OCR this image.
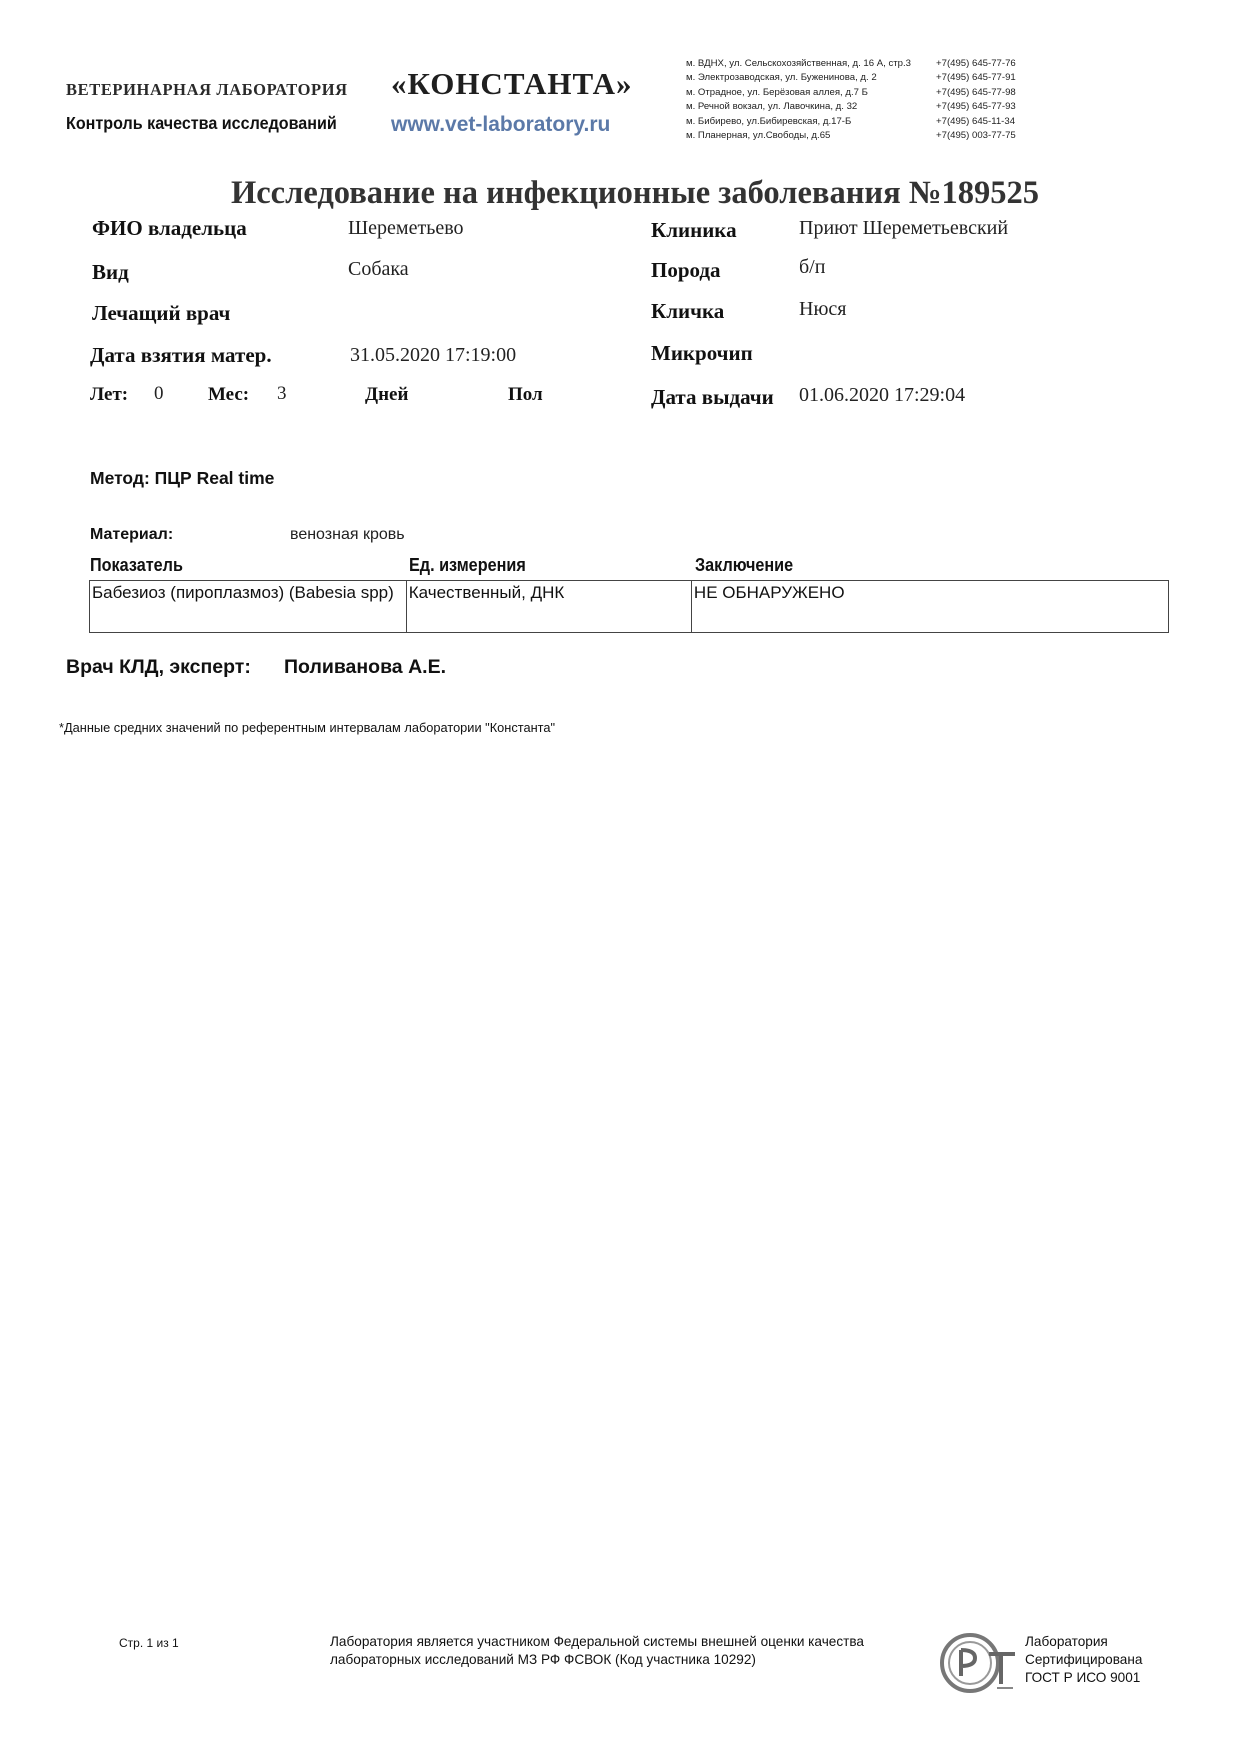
ВЕТЕРИНАРНАЯ ЛАБОРАТОРИЯ «КОНСТАНТА»
Контроль качества исследований	www.vet-laboratory.ru
м. ВДНХ, ул. Сельскохозяйственная, д. 16 А, стр.3	+7(495) 645-77-76
м. Электрозаводская, ул. Буженинова, д. 2	+7(495) 645-77-91
м. Отрадное, ул. Берёзовая аллея, д.7 Б	+7(495) 645-77-98
м. Речной вокзал, ул. Лавочкина, д. 32	+7(495) 645-77-93
м. Бибирево, ул.Бибиревская, д.17-Б	+7(495) 645-11-34
м. Планерная, ул.Свободы, д.65	+7(495) 003-77-75
Исследование на инфекционные заболевания №189525
ФИО владельца	Шереметьево
Вид	Собака
Лечащий врач
Дата взятия матер.	31.05.2020 17:19:00
Лет: 0 Мес: 3	Дней	Пол
Клиника	Приют Шереметьевский
Порода	б/п
Кличка	Нюся
Микрочип
Дата выдачи 01.06.2020 17:29:04
Метод: ПЦР Real time
Материал:	венозная кровь
Показатель	Ед. измерения	Заключение
Бабезиоз (пироплазмоз) (Babesia spp)	Качественный, ДНК	НЕ ОБНАРУЖЕНО
Врач КЛД, эксперт: Поливанова А.Е.
*Данные средних значений по референтным интервалам лаборатории "Константа"
Стр. 1 из 1	Лаборатория является участником Федеральной системы внешней оценки качества лабораторных исследований МЗ РФ ФСВОК (Код участника 10292)
Лаборатория
Сертифицирована
ГОСТ Р ИСО 9001
